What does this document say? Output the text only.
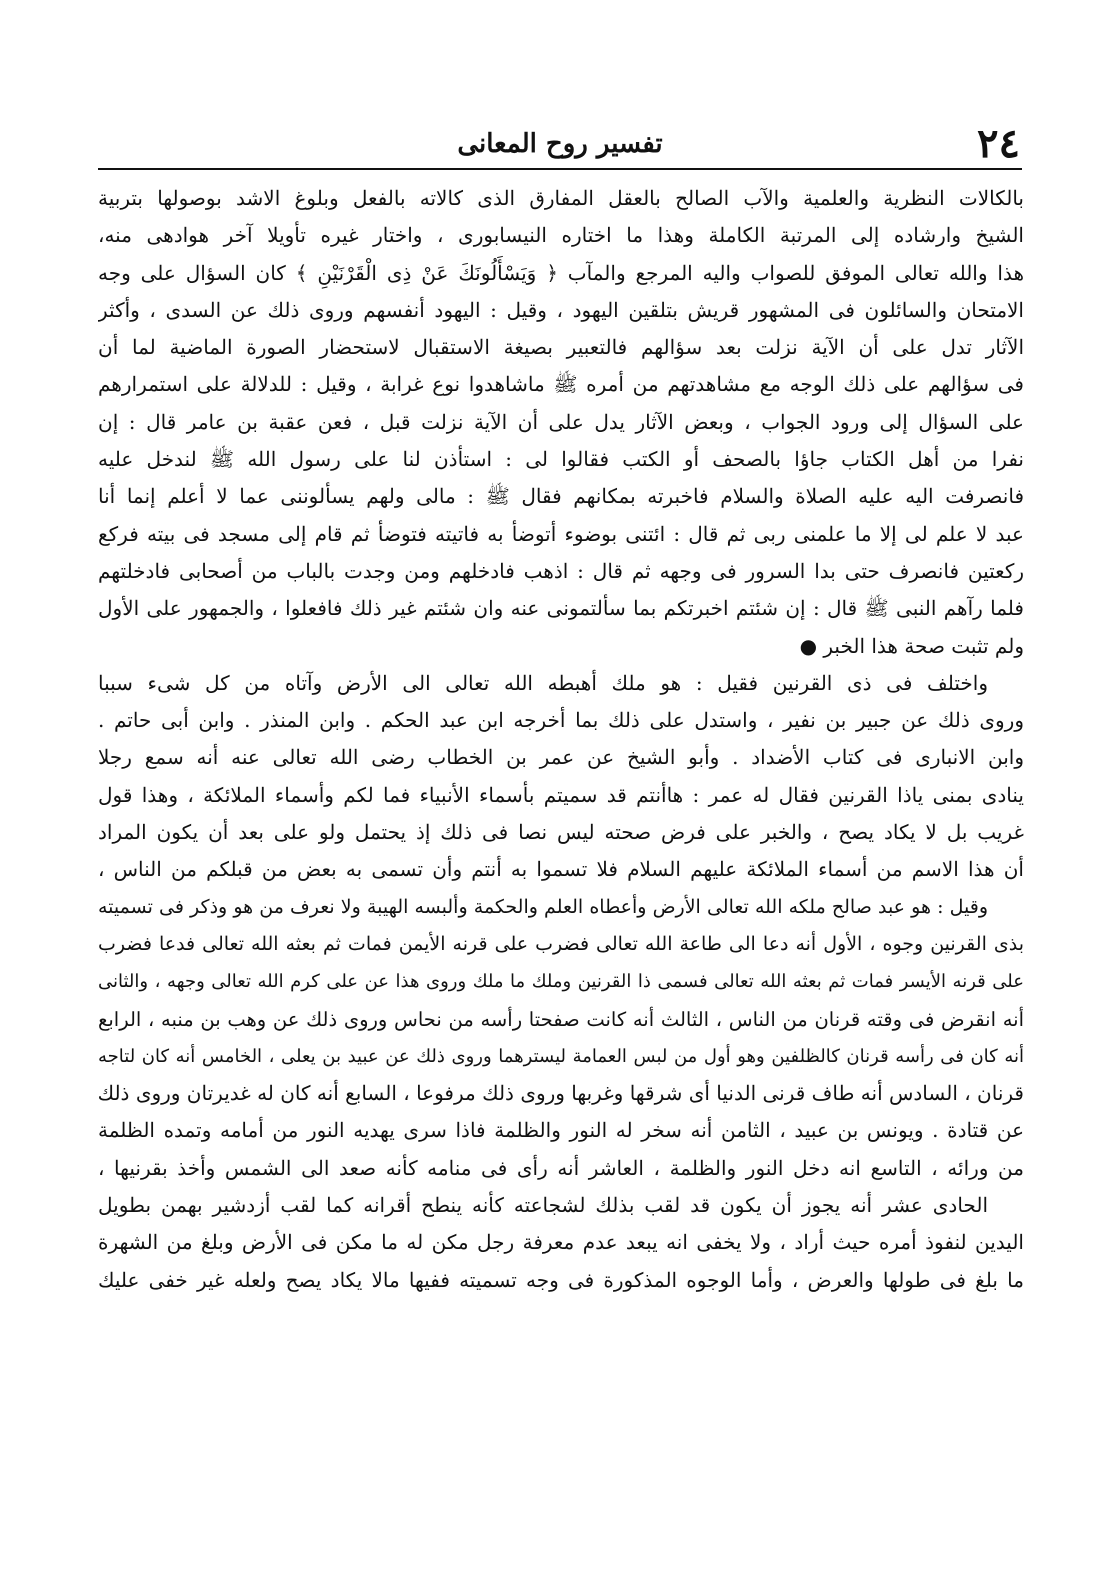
٢٤
تفسير روح المعانى
بالكالات النظرية والعلمية والآب الصالح بالعقل المفارق الذى كالاته بالفعل وبلوغ الاشد بوصولها بتربية
الشيخ وارشاده إلى المرتبة الكاملة وهذا ما اختاره النيسابورى ، واختار غيره تأويلا آخر هوادهى منه،
هذا والله تعالى الموفق للصواب واليه المرجع والمآب ﴿ وَيَسْأَلُونَكَ عَنْ ذِى الْقَرْنَيْنِ ﴾ كان السؤال على وجه
الامتحان والسائلون فى المشهور قريش بتلقين اليهود ، وقيل : اليهود أنفسهم وروى ذلك عن السدى ، وأكثر
الآثار تدل على أن الآية نزلت بعد سؤالهم فالتعبير بصيغة الاستقبال لاستحضار الصورة الماضية لما أن
فى سؤالهم على ذلك الوجه مع مشاهدتهم من أمره ﷺ ماشاهدوا نوع غرابة ، وقيل : للدلالة على استمرارهم
على السؤال إلى ورود الجواب ، وبعض الآثار يدل على أن الآية نزلت قبل ، فعن عقبة بن عامر قال : إن
نفرا من أهل الكتاب جاؤا بالصحف أو الكتب فقالوا لى : استأذن لنا على رسول الله ﷺ لندخل عليه
فانصرفت اليه عليه الصلاة والسلام فاخبرته بمكانهم فقال ﷺ : مالى ولهم يسألوننى عما لا أعلم إنما أنا
عبد لا علم لى إلا ما علمنى ربى ثم قال : ائتنى بوضوء أتوضأ به فاتيته فتوضأ ثم قام إلى مسجد فى بيته فركع
ركعتين فانصرف حتى بدا السرور فى وجهه ثم قال : اذهب فادخلهم ومن وجدت بالباب من أصحابى فادخلتهم
فلما رآهم النبى ﷺ قال : إن شئتم اخبرتكم بما سألتمونى عنه وان شئتم غير ذلك فافعلوا ، والجمهور على الأول
ولم تثبت صحة هذا الخبر ●
واختلف فى ذى القرنين فقيل : هو ملك أهبطه الله تعالى الى الأرض وآتاه من كل شىء سببا
وروى ذلك عن جبير بن نفير ، واستدل على ذلك بما أخرجه ابن عبد الحكم . وابن المنذر . وابن أبى حاتم .
وابن الانبارى فى كتاب الأضداد . وأبو الشيخ عن عمر بن الخطاب رضى الله تعالى عنه أنه سمع رجلا
ينادى بمنى ياذا القرنين فقال له عمر : هاأنتم قد سميتم بأسماء الأنبياء فما لكم وأسماء الملائكة ، وهذا قول
غريب بل لا يكاد يصح ، والخبر على فرض صحته ليس نصا فى ذلك إذ يحتمل ولو على بعد أن يكون المراد
أن هذا الاسم من أسماء الملائكة عليهم السلام فلا تسموا به أنتم وأن تسمى به بعض من قبلكم من الناس ،
وقيل : هو عبد صالح ملكه الله تعالى الأرض وأعطاه العلم والحكمة وألبسه الهيبة ولا نعرف من هو وذكر فى تسميته
بذى القرنين وجوه ، الأول أنه دعا الى طاعة الله تعالى فضرب على قرنه الأيمن فمات ثم بعثه الله تعالى فدعا فضرب
على قرنه الأيسر فمات ثم بعثه الله تعالى فسمى ذا القرنين وملك ما ملك وروى هذا عن على كرم الله تعالى وجهه ، والثانى
أنه انقرض فى وقته قرنان من الناس ، الثالث أنه كانت صفحتا رأسه من نحاس وروى ذلك عن وهب بن منبه ، الرابع
أنه كان فى رأسه قرنان كالظلفين وهو أول من لبس العمامة ليسترهما وروى ذلك عن عبيد بن يعلى ، الخامس أنه كان لتاجه
قرنان ، السادس أنه طاف قرنى الدنيا أى شرقها وغربها وروى ذلك مرفوعا ، السابع أنه كان له غديرتان وروى ذلك
عن قتادة . ويونس بن عبيد ، الثامن أنه سخر له النور والظلمة فاذا سرى يهديه النور من أمامه وتمده الظلمة
من ورائه ، التاسع انه دخل النور والظلمة ، العاشر أنه رأى فى منامه كأنه صعد الى الشمس وأخذ بقرنيها ،
الحادى عشر أنه يجوز أن يكون قد لقب بذلك لشجاعته كأنه ينطح أقرانه كما لقب أزدشير بهمن بطويل
اليدين لنفوذ أمره حيث أراد ، ولا يخفى انه يبعد عدم معرفة رجل مكن له ما مكن فى الأرض وبلغ من الشهرة
ما بلغ فى طولها والعرض ، وأما الوجوه المذكورة فى وجه تسميته ففيها مالا يكاد يصح ولعله غير خفى عليك
